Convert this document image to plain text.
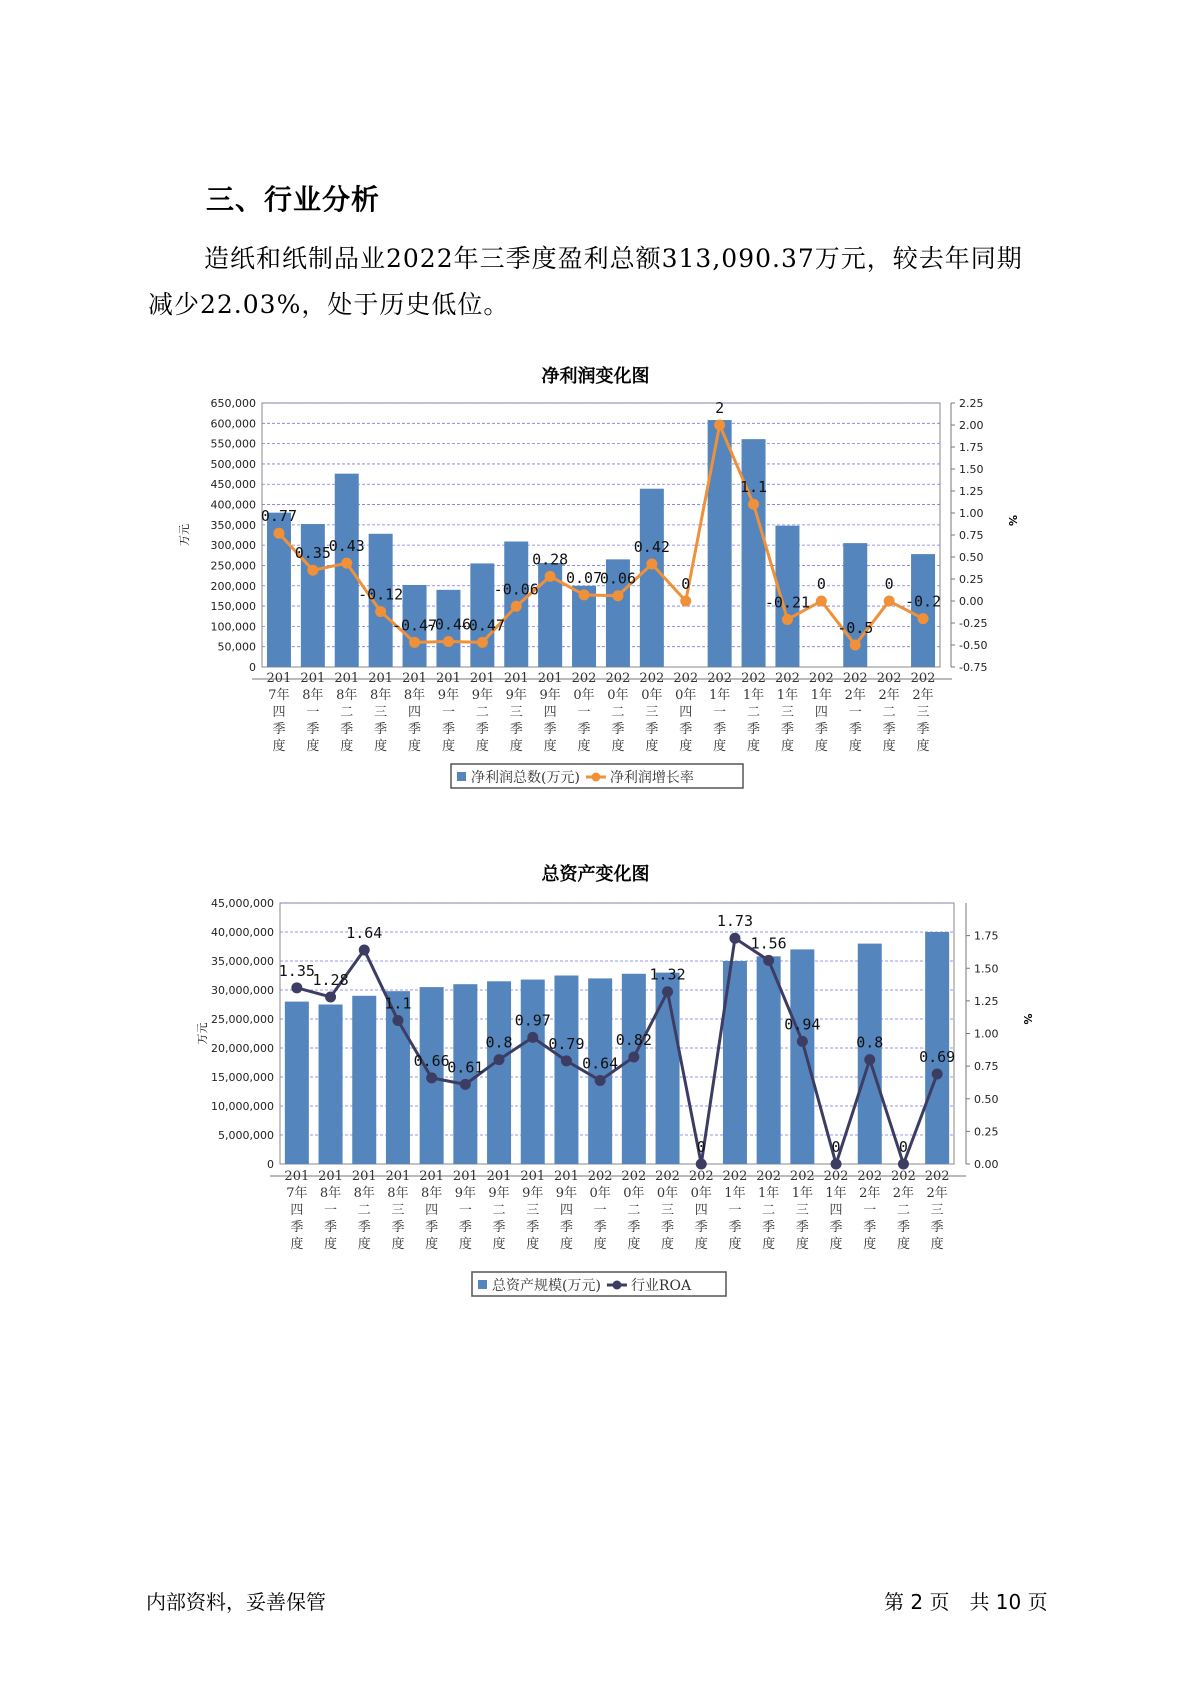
三、行业分析
造纸和纸制品业2022年三季度盈利总额313,090.37万元，较去年同期
减少22.03%，处于历史低位。
净利润变化图
0
50,000
100,000
150,000
200,000
250,000
300,000
350,000
400,000
450,000
500,000
550,000
600,000
650,000
万元
-0.75
-0.50
-0.25
0.00
0.25
0.50
0.75
1.00
1.25
1.50
1.75
2.00
2.25
%
201
7年
四
季
度
201
8年
一
季
度
201
8年
二
季
度
201
8年
三
季
度
201
8年
四
季
度
201
9年
一
季
度
201
9年
二
季
度
201
9年
三
季
度
201
9年
四
季
度
202
0年
一
季
度
202
0年
二
季
度
202
0年
三
季
度
202
0年
四
季
度
202
1年
一
季
度
202
1年
二
季
度
202
1年
三
季
度
202
1年
四
季
度
202
2年
一
季
度
202
2年
二
季
度
202
2年
三
季
度
0.77
0.35
0.43
-0.12
-0.47
-0.46
-0.47
-0.06
0.28
0.07
0.06
0.42
0
2
1.1
-0.21
0
-0.5
0
-0.2
净利润总数(万元) 净利润增长率
总资产变化图
0
5,000,000
10,000,000
15,000,000
20,000,000
25,000,000
30,000,000
35,000,000
40,000,000
45,000,000
万元
0.00
0.25
0.50
0.75
1.00
1.25
1.50
1.75
%
201
7年
四
季
度
201
8年
一
季
度
201
8年
二
季
度
201
8年
三
季
度
201
8年
四
季
度
201
9年
一
季
度
201
9年
二
季
度
201
9年
三
季
度
201
9年
四
季
度
202
0年
一
季
度
202
0年
二
季
度
202
0年
三
季
度
202
0年
四
季
度
202
1年
一
季
度
202
1年
二
季
度
202
1年
三
季
度
202
1年
四
季
度
202
2年
一
季
度
202
2年
二
季
度
202
2年
三
季
度
1.35
1.28
1.64
1.1
0.66
0.61
0.8
0.97
0.79
0.64
0.82
1.32
0
1.73
1.56
0.94
0
0.8
0
0.69
总资产规模(万元) 行业ROA
内部资料，妥善保管	第 2 页　共 10 页
